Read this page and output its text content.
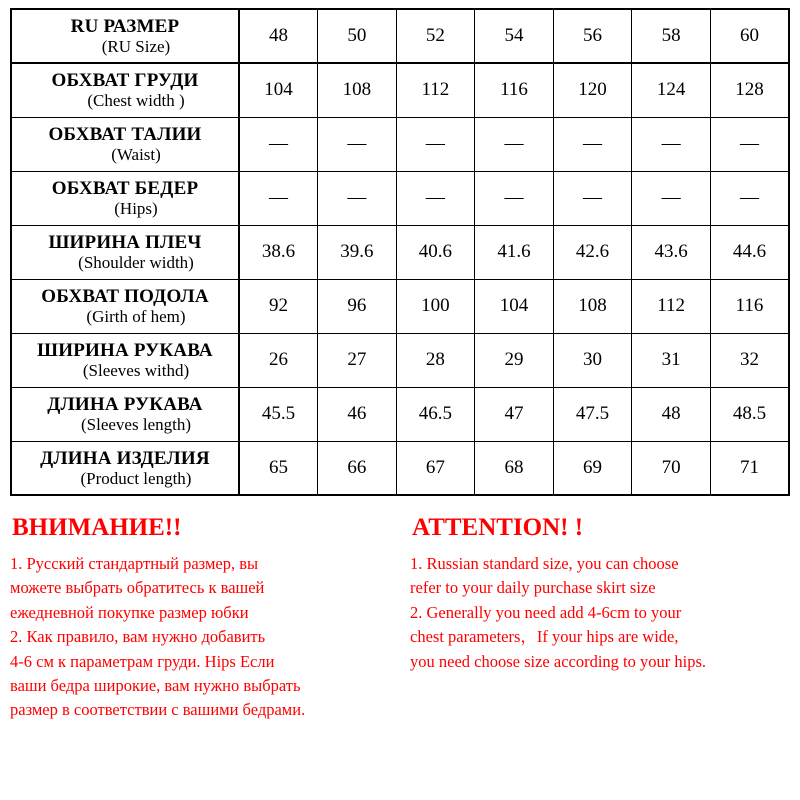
RU РАЗМЕР
(RU Size)	48	50	52	54	56	58	60

ОБХВАТ ГРУДИ
(Chest width )	104	108	112	116	120	124	128

ОБХВАТ ТАЛИИ
(Waist)	—	—	—	—	—	—	—

ОБХВАТ БЕДЕР
(Hips)	—	—	—	—	—	—	—

ШИРИНА ПЛЕЧ
(Shoulder width)	38.6	39.6	40.6	41.6	42.6	43.6	44.6

ОБХВАТ ПОДОЛА
(Girth of hem)	92	96	100	104	108	112	116

ШИРИНА РУКАВА
(Sleeves withd)	26	27	28	29	30	31	32

ДЛИНА РУКАВА
(Sleeves length)	45.5	46	46.5	47	47.5	48	48.5

ДЛИНА ИЗДЕЛИЯ
(Product length)	65	66	67	68	69	70	71

ВНИМАНИЕ!!

1. Русский стандартный размер, вы

можете выбрать обратитесь к вашей

ежедневной покупке размер юбки

2. Как правило, вам нужно добавить

4-6 см к параметрам груди. Hips Если

ваши бедра широкие, вам нужно выбрать

размер в соответствии с вашими бедрами.

ATTENTION! !

1. Russian standard size, you can choose

refer to your daily purchase skirt size

2. Generally you need add 4-6cm to your

chest parameters，If your hips are wide,

you need choose size according to your hips.
